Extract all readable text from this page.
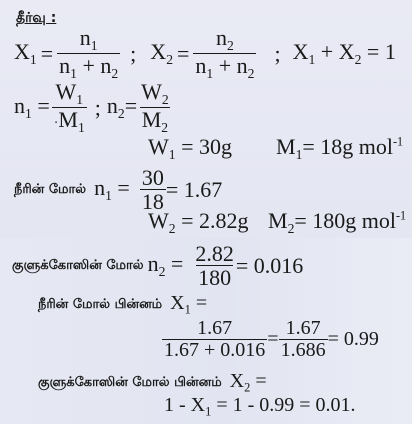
தீர்வு :
$X_1 = \frac{n_1}{n_1 + n_2}$ ; $X_2 = \frac{n_2}{n_1 + n_2}$ ; $X_1 + X_2 = 1$
$n_1 = \frac{W_1}{\cdot M_1}$ ; $n_2= \frac{W_2}{M_2}$
$W_1 = 30g$ $M_1= 18g$ mol$^{-1}$
நீரின் மோல் $n_1 = \frac{30}{18} = 1.67$
$W_2 = 2.82g$ $M_2= 180g$ mol$^{-1}$
குளுக்கோஸின் மோல் $n_2 = \frac{2.82}{180} = 0.016$
நீரின் மோல் பின்னம் $X_1$ =
$\frac{1.67}{1.67 + 0.016} = \frac{1.67}{1.686} = 0.99$
குளுக்கோஸின் மோல் பின்னம் $X_2$ =
$1 - X_1 = 1 - 0.99 = 0.01$.
